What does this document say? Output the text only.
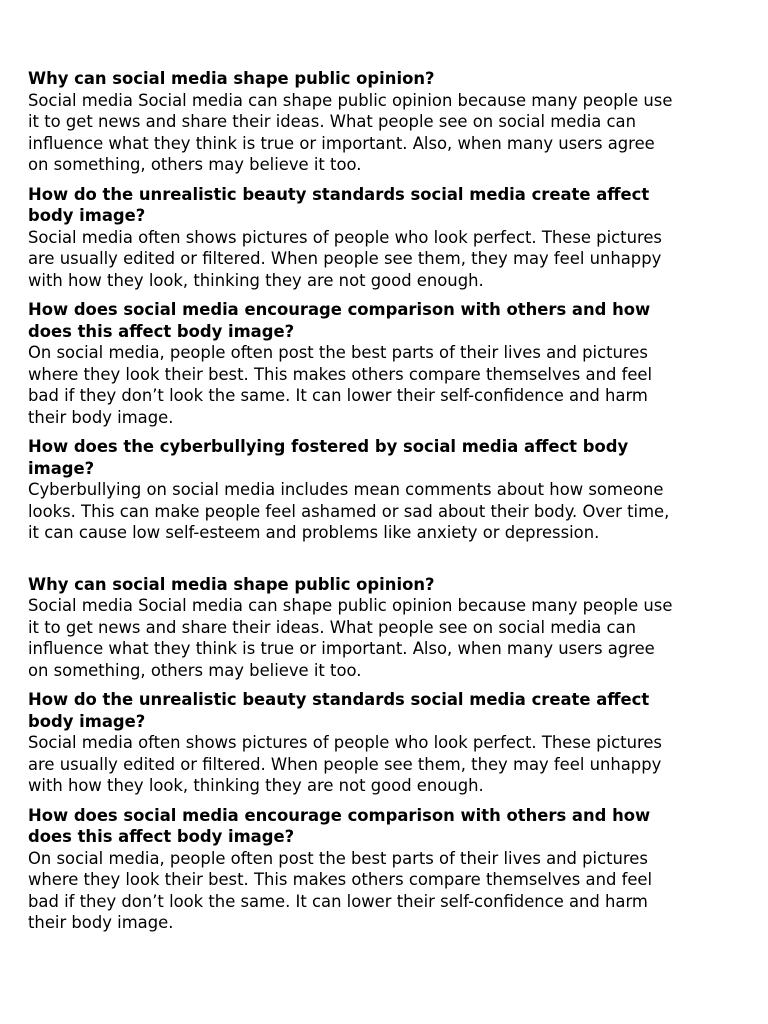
Why can social media shape public opinion?

Social media Social media can shape public opinion because many people use
it to get news and share their ideas. What people see on social media can
influence what they think is true or important. Also, when many users agree
on something, others may believe it too.

How do the unrealistic beauty standards social media create affect
body image?

Social media often shows pictures of people who look perfect. These pictures
are usually edited or filtered. When people see them, they may feel unhappy
with how they look, thinking they are not good enough.

How does social media encourage comparison with others and how
does this affect body image?

On social media, people often post the best parts of their lives and pictures
where they look their best. This makes others compare themselves and feel
bad if they don’t look the same. It can lower their self-confidence and harm
their body image.

How does the cyberbullying fostered by social media affect body
image?

Cyberbullying on social media includes mean comments about how someone
looks. This can make people feel ashamed or sad about their body. Over time,
it can cause low self-esteem and problems like anxiety or depression.

Why can social media shape public opinion?

Social media Social media can shape public opinion because many people use
it to get news and share their ideas. What people see on social media can
influence what they think is true or important. Also, when many users agree
on something, others may believe it too.

How do the unrealistic beauty standards social media create affect
body image?

Social media often shows pictures of people who look perfect. These pictures
are usually edited or filtered. When people see them, they may feel unhappy
with how they look, thinking they are not good enough.

How does social media encourage comparison with others and how
does this affect body image?

On social media, people often post the best parts of their lives and pictures
where they look their best. This makes others compare themselves and feel
bad if they don’t look the same. It can lower their self-confidence and harm
their body image.
